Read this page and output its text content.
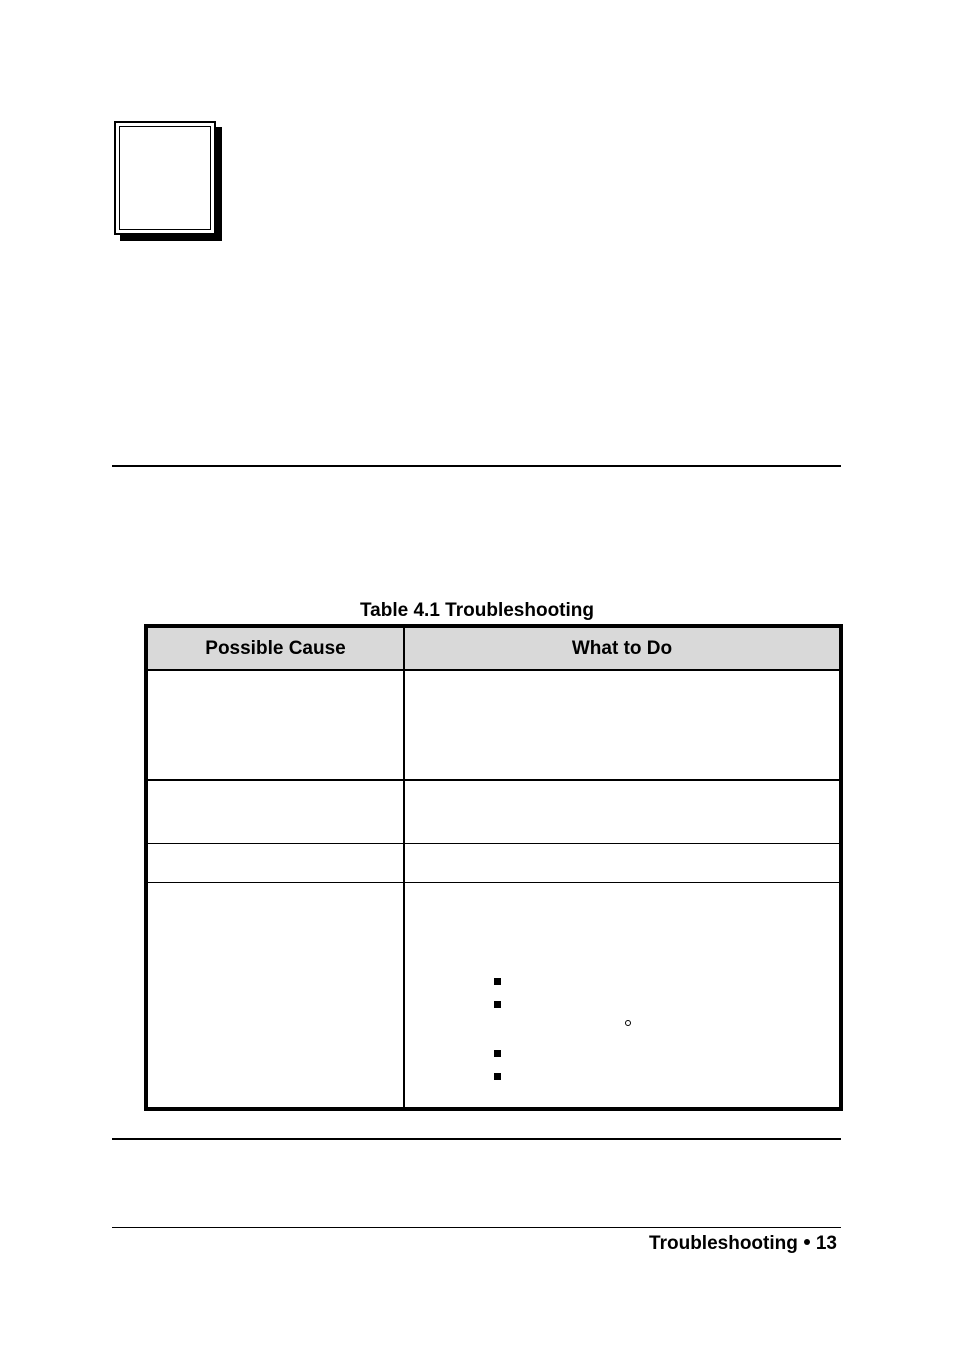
Table 4.1 Troubleshooting
Possible Cause	What to Do
Troubleshooting 13
